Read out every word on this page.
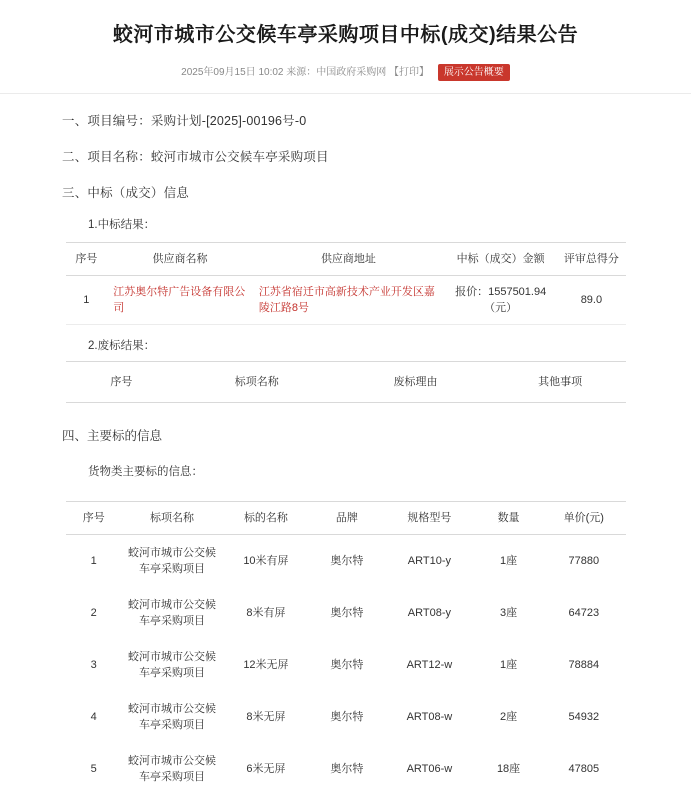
蛟河市城市公交候车亭采购项目中标(成交)结果公告
2025年09月15日 10:02 来源：中国政府采购网 【打印】 展示公告概要
一、项目编号：采购计划-[2025]-00196号-0
二、项目名称：蛟河市城市公交候车亭采购项目
三、中标（成交）信息
1.中标结果：
序号	供应商名称	供应商地址	中标（成交）金额	评审总得分
1	江苏奥尔特广告设备有限公司	江苏省宿迁市高新技术产业开发区嘉陵江路8号	报价：1557501.94（元）	89.0
2.废标结果：
序号	标项名称	废标理由	其他事项
四、主要标的信息
货物类主要标的信息：
序号	标项名称	标的名称	品牌	规格型号	数量	单价(元)
1	蛟河市城市公交候车亭采购项目	10米有屏	奥尔特	ART10-y	1座	77880
2	蛟河市城市公交候车亭采购项目	8米有屏	奥尔特	ART08-y	3座	64723
3	蛟河市城市公交候车亭采购项目	12米无屏	奥尔特	ART12-w	1座	78884
4	蛟河市城市公交候车亭采购项目	8米无屏	奥尔特	ART08-w	2座	54932
5	蛟河市城市公交候车亭采购项目	6米无屏	奥尔特	ART06-w	18座	47805
